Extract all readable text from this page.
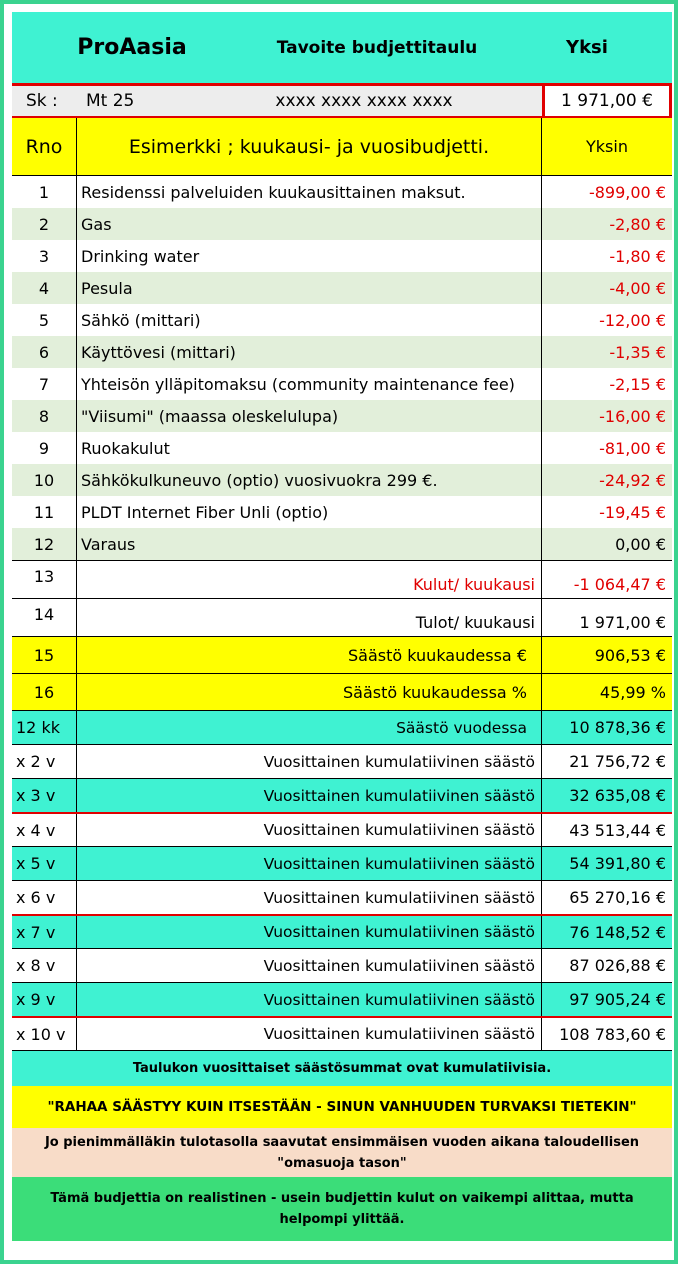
ProAasia	Tavoite budjettitaulu	Yksi
Sk :	Mt 25	xxxx xxxx xxxx xxxx	1 971,00 €
Rno	Esimerkki ; kuukausi- ja vuosibudjetti.	Yksin
1	Residenssi palveluiden kuukausittainen maksut.	-899,00 €
2	Gas	-2,80 €
3	Drinking water	-1,80 €
4	Pesula	-4,00 €
5	Sähkö (mittari)	-12,00 €
6	Käyttövesi (mittari)	-1,35 €
7	Yhteisön ylläpitomaksu (community maintenance fee)	-2,15 €
8	"Viisumi" (maassa oleskelulupa)	-16,00 €
9	Ruokakulut	-81,00 €
10	Sähkökulkuneuvo (optio) vuosivuokra 299 €.	-24,92 €
11	PLDT Internet Fiber Unli (optio)	-19,45 €
12	Varaus	0,00 €
13	Kulut/ kuukausi	-1 064,47 €
14	Tulot/ kuukausi	1 971,00 €
15	Säästö kuukaudessa €	906,53 €
16	Säästö kuukaudessa %	45,99 %
12 kk	Säästö vuodessa	10 878,36 €
x 2 v	Vuosittainen kumulatiivinen säästö	21 756,72 €
x 3 v	Vuosittainen kumulatiivinen säästö	32 635,08 €
x 4 v	Vuosittainen kumulatiivinen säästö	43 513,44 €
x 5 v	Vuosittainen kumulatiivinen säästö	54 391,80 €
x 6 v	Vuosittainen kumulatiivinen säästö	65 270,16 €
x 7 v	Vuosittainen kumulatiivinen säästö	76 148,52 €
x 8 v	Vuosittainen kumulatiivinen säästö	87 026,88 €
x 9 v	Vuosittainen kumulatiivinen säästö	97 905,24 €
x 10 v	Vuosittainen kumulatiivinen säästö	108 783,60 €
Taulukon vuosittaiset säästösummat ovat kumulatiivisia.
"RAHAA SÄÄSTYY KUIN ITSESTÄÄN - SINUN VANHUUDEN TURVAKSI TIETEKIN"
Jo pienimmälläkin tulotasolla saavutat ensimmäisen vuoden aikana taloudellisen "omasuoja tason"
Tämä budjettia on realistinen - usein budjettin kulut on vaikempi alittaa, mutta helpompi ylittää.
